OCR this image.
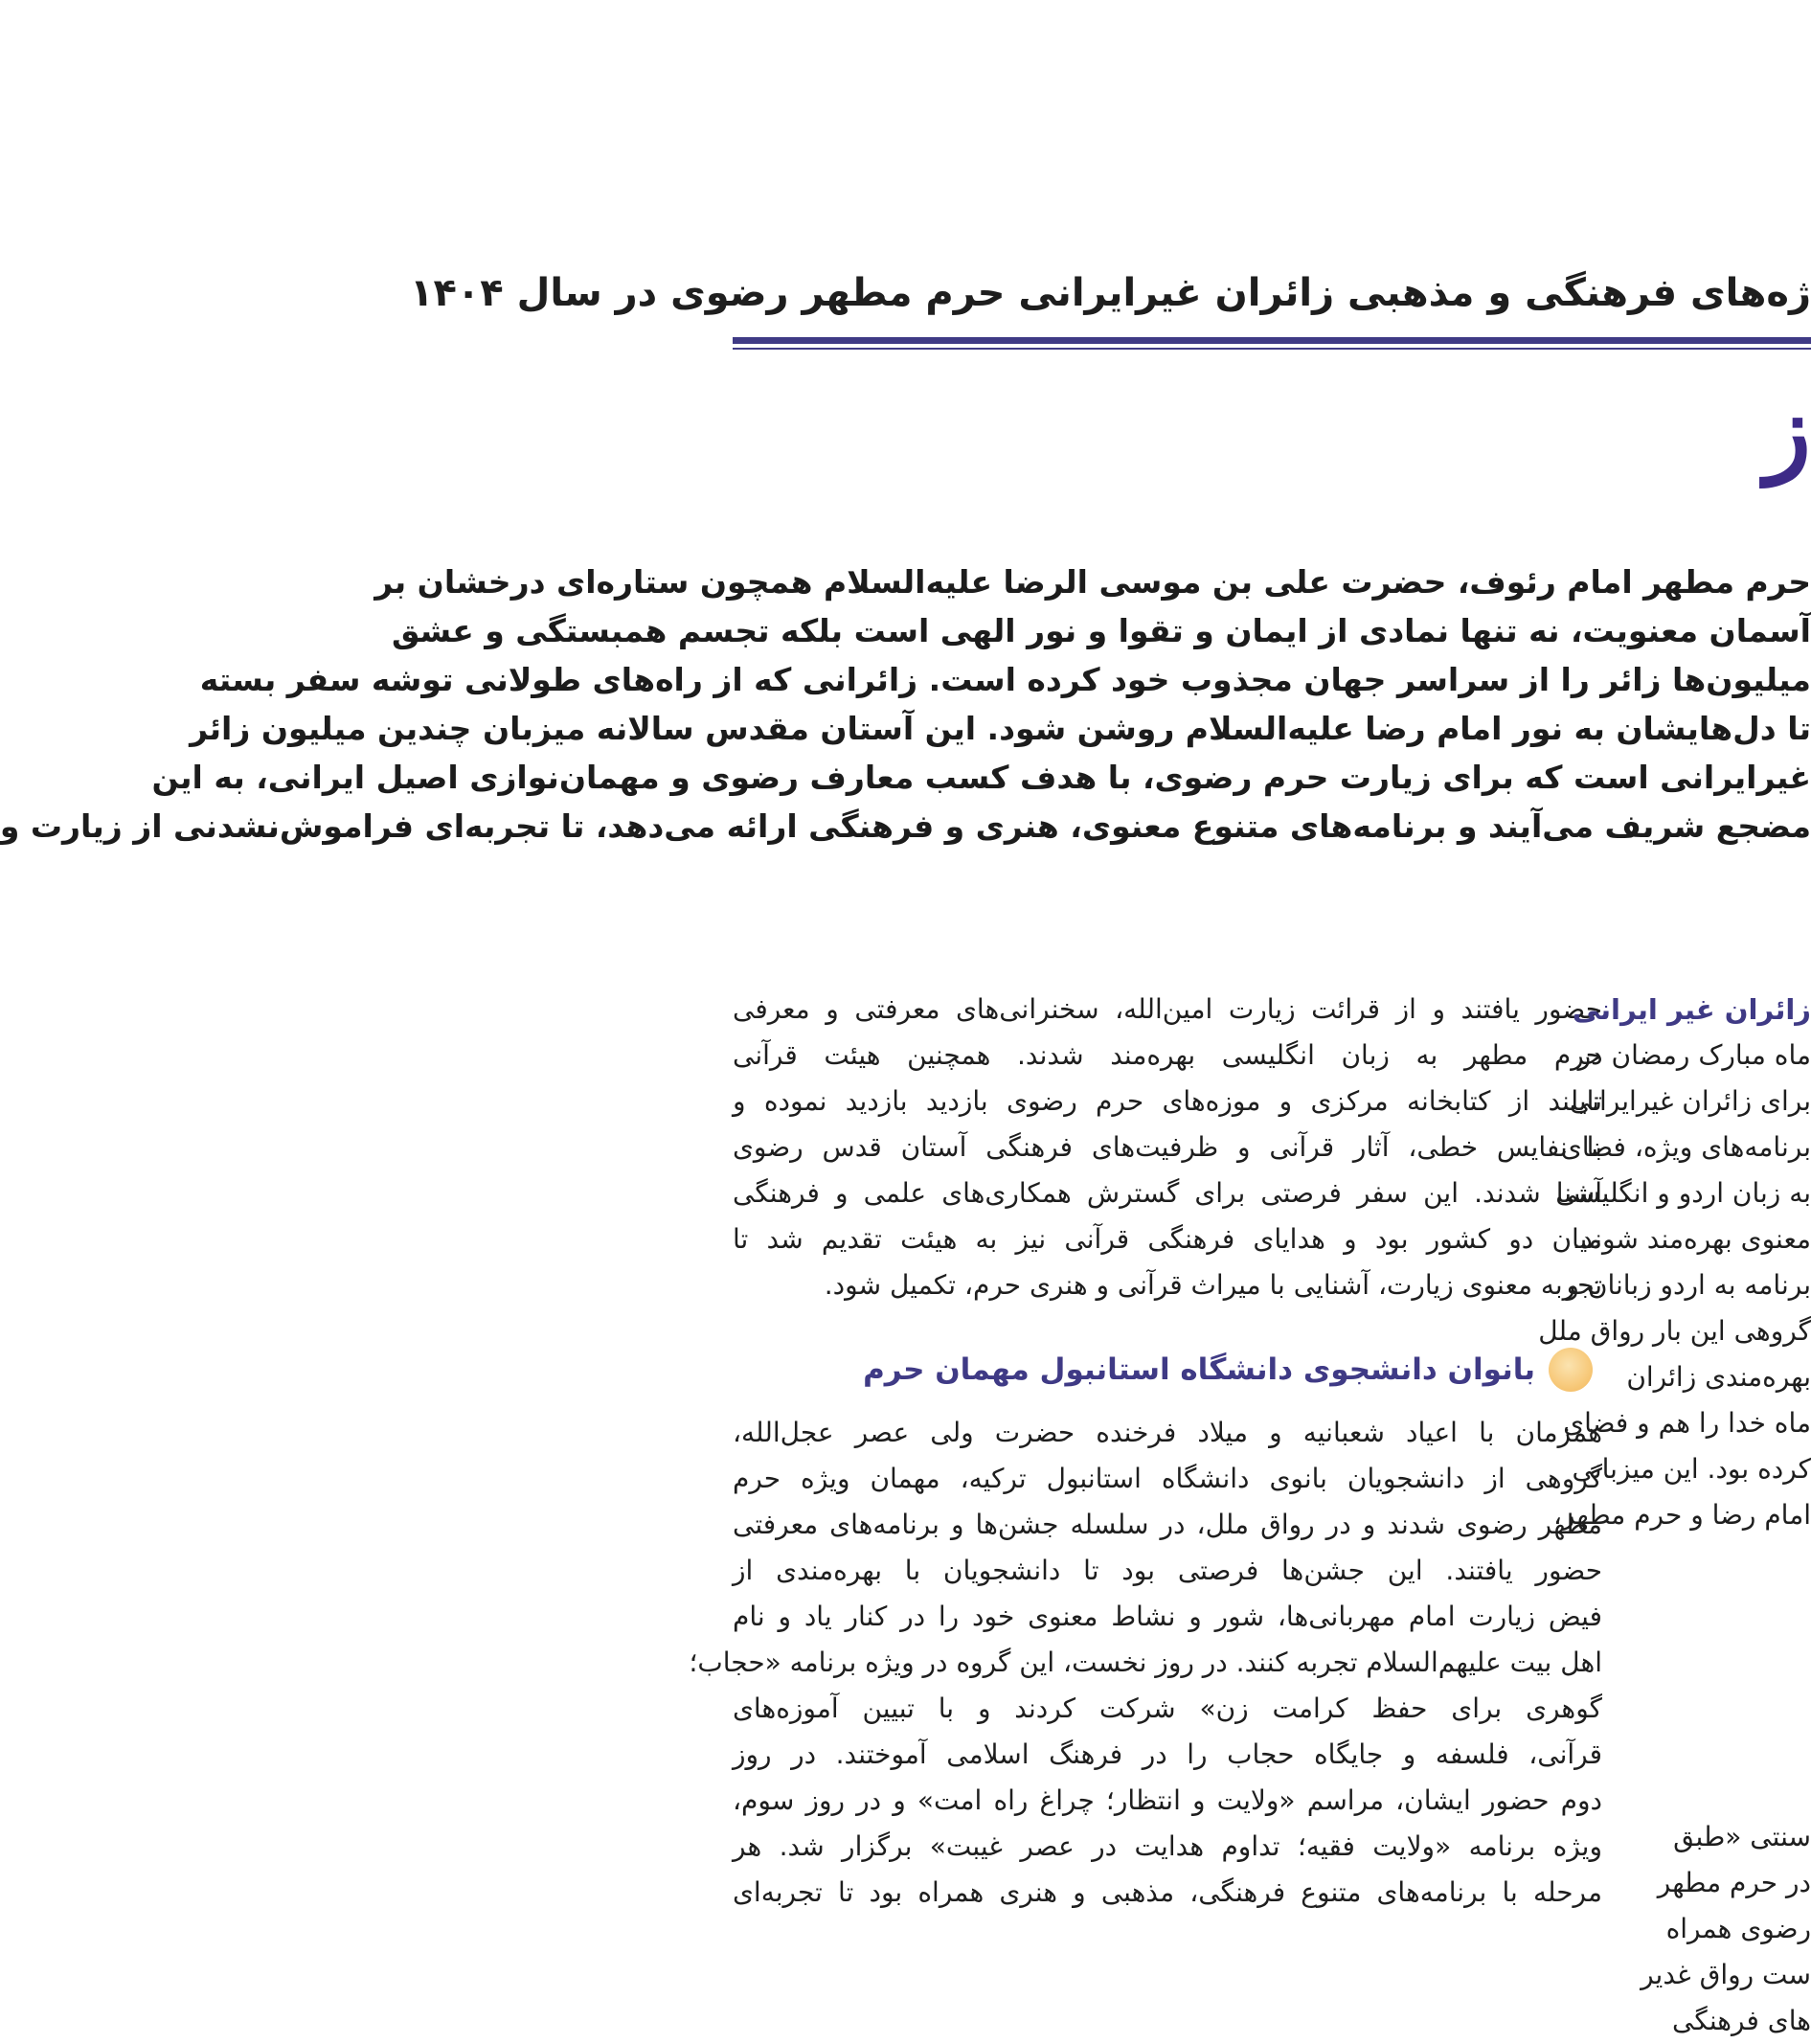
ژه‌های فرهنگی و مذهبی زائران غیرایرانی حرم مطهر رضوی در سال ۱۴۰۴
ز
حرم مطهر امام رئوف، حضرت علی بن موسی الرضا علیه‌السلام همچون ستاره‌ای درخشان بر
آسمان معنویت، نه تنها نمادی از ایمان و تقوا و نور الهی است بلکه تجسم همبستگی و عشق
میلیون‌ها زائر را از سراسر جهان مجذوب خود کرده است. زائرانی که از راه‌های طولانی توشه سفر بسته
تا دل‌هایشان به نور امام رضا علیه‌السلام روشن شود. این آستان مقدس سالانه میزبان چندین میلیون زائر
غیرایرانی است که برای زیارت حرم رضوی، با هدف کسب معارف رضوی و مهمان‌نوازی اصیل ایرانی، به این
مضجع شریف می‌آیند و برنامه‌های متنوع معنوی، هنری و فرهنگی ارائه می‌دهد، تا تجربه‌ای فراموش‌نشدنی از زیارت و
حضور یافتند و از قرائت زیارت امین‌الله، سخنرانی‌های معرفتی و معرفی
حرم مطهر به زبان انگلیسی بهره‌مند شدند. همچنین هیئت قرآنی
تایلند از کتابخانه مرکزی و موزه‌های حرم رضوی بازدید بازدید نموده و
با نفایس خطی، آثار قرآنی و ظرفیت‌های فرهنگی آستان قدس رضوی
آشنا شدند. این سفر فرصتی برای گسترش همکاری‌های علمی و فرهنگی
میان دو کشور بود و هدایای فرهنگی قرآنی نیز به هیئت تقدیم شد تا
تجربه معنوی زیارت، آشنایی با میراث قرآنی و هنری حرم، تکمیل شود.
بانوان دانشجوی دانشگاه استانبول مهمان حرم
همزمان با اعیاد شعبانیه و میلاد فرخنده حضرت ولی عصر عجل‌الله،
گروهی از دانشجویان بانوی دانشگاه استانبول ترکیه، مهمان ویژه حرم
مطهر رضوی شدند و در رواق ملل، در سلسله جشن‌ها و برنامه‌های معرفتی
حضور یافتند. این جشن‌ها فرصتی بود تا دانشجویان با بهره‌مندی از
فیض زیارت امام مهربانی‌ها، شور و نشاط معنوی خود را در کنار یاد و نام
اهل بیت علیهم‌السلام تجربه کنند. در روز نخست، این گروه در ویژه برنامه «حجاب؛
گوهری برای حفظ کرامت زن» شرکت کردند و با تبیین آموزه‌های
قرآنی، فلسفه و جایگاه حجاب را در فرهنگ اسلامی آموختند. در روز
دوم حضور ایشان، مراسم «ولایت و انتظار؛ چراغ راه امت» و در روز سوم،
ویژه برنامه «ولایت فقیه؛ تداوم هدایت در عصر غیبت» برگزار شد. هر
مرحله با برنامه‌های متنوع فرهنگی، مذهبی و هنری همراه بود تا تجربه‌ای
زائران غیر ایرانی
ماه مبارک رمضان در
برای زائران غیرایرانی
برنامه‌های ویژه، فضای
به زبان اردو و انگلیسی
معنوی بهره‌مند شوند.
برنامه به اردو زبانان و
گروهی این بار رواق ملل
بهره‌مندی زائران
ماه خدا را هم و فضای
کرده بود. این میزبانی
امام رضا و حرم مطهر،
سنتی «طبق
در حرم مطهر
رضوی همراه
ست رواق غدیر
های فرهنگی
